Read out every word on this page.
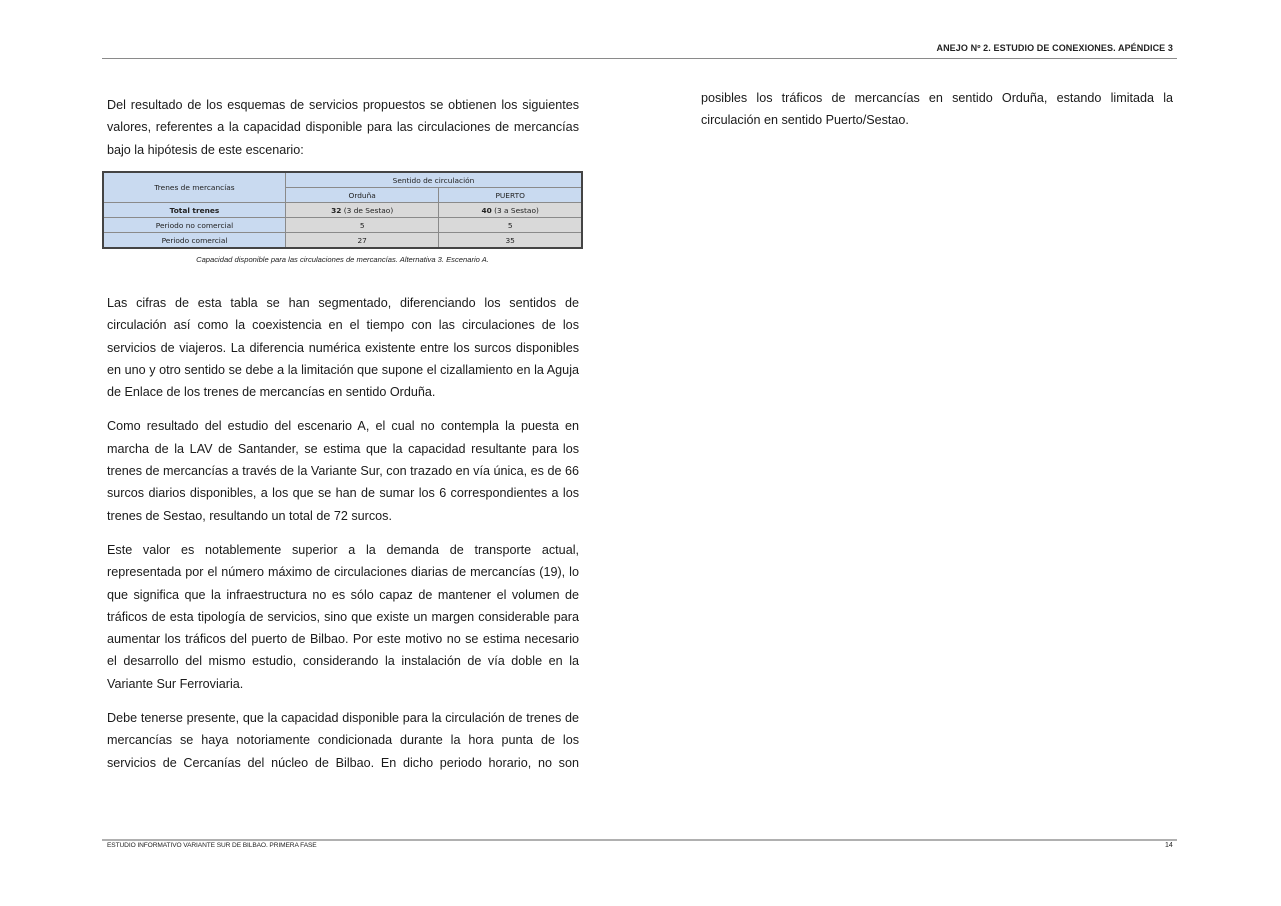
ANEJO Nº 2. ESTUDIO DE CONEXIONES. APÉNDICE 3

Del resultado de los esquemas de servicios propuestos se obtienen los siguientes valores, referentes a la capacidad disponible para las circulaciones de mercancías bajo la hipótesis de este escenario:

Trenes de mercancías	Sentido de circulación	
	Orduña	PUERTO
Total trenes	32 (3 de Sestao)	40 (3 a Sestao)
Periodo no comercial	5	5
Periodo comercial	27	35
Capacidad disponible para las circulaciones de mercancías. Alternativa 3. Escenario A.

Las cifras de esta tabla se han segmentado, diferenciando los sentidos de circulación así como la coexistencia en el tiempo con las circulaciones de los servicios de viajeros. La diferencia numérica existente entre los surcos disponibles en uno y otro sentido se debe a la limitación que supone el cizallamiento en la Aguja de Enlace de los trenes de mercancías en sentido Orduña.

Como resultado del estudio del escenario A, el cual no contempla la puesta en marcha de la LAV de Santander, se estima que la capacidad resultante para los trenes de mercancías a través de la Variante Sur, con trazado en vía única, es de 66 surcos diarios disponibles, a los que se han de sumar los 6 correspondientes a los trenes de Sestao, resultando un total de 72 surcos.

Este valor es notablemente superior a la demanda de transporte actual, representada por el número máximo de circulaciones diarias de mercancías (19), lo que significa que la infraestructura no es sólo capaz de mantener el volumen de tráficos de esta tipología de servicios, sino que existe un margen considerable para aumentar los tráficos del puerto de Bilbao. Por este motivo no se estima necesario el desarrollo del mismo estudio, considerando la instalación de vía doble en la Variante Sur Ferroviaria.

Debe tenerse presente, que la capacidad disponible para la circulación de trenes de mercancías se haya notoriamente condicionada durante la hora punta de los servicios de Cercanías del núcleo de Bilbao. En dicho periodo horario, no son

posibles los tráficos de mercancías en sentido Orduña, estando limitada la circulación en sentido Puerto/Sestao.

ESTUDIO INFORMATIVO VARIANTE SUR DE BILBAO. PRIMERA FASE	14
